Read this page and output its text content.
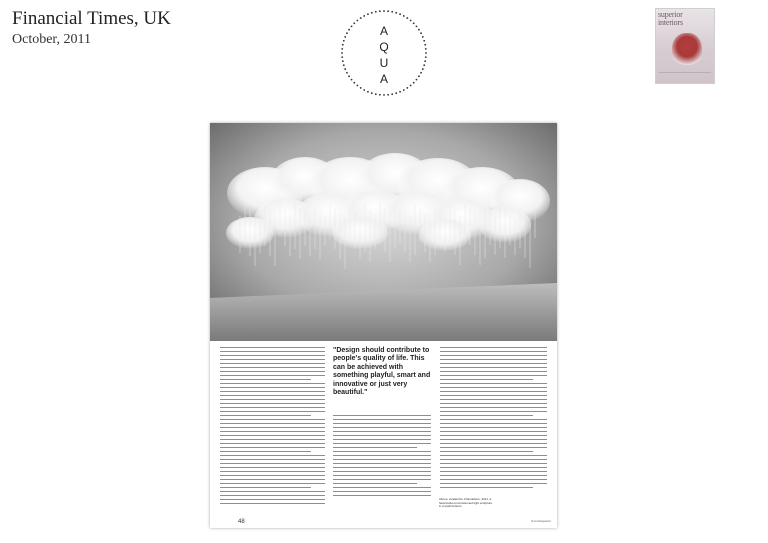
Financial Times, UK
October, 2011
A
Q
U
A
superior
interiors
"Design should contribute to people's quality of life. This can be achieved with something playful, smart and innovative or just very beautiful."
Above: Avalanche Chandeliers, 2011, a Swarovski-commissioned light sculpture in crystal buttons
48	ft.com/superior
